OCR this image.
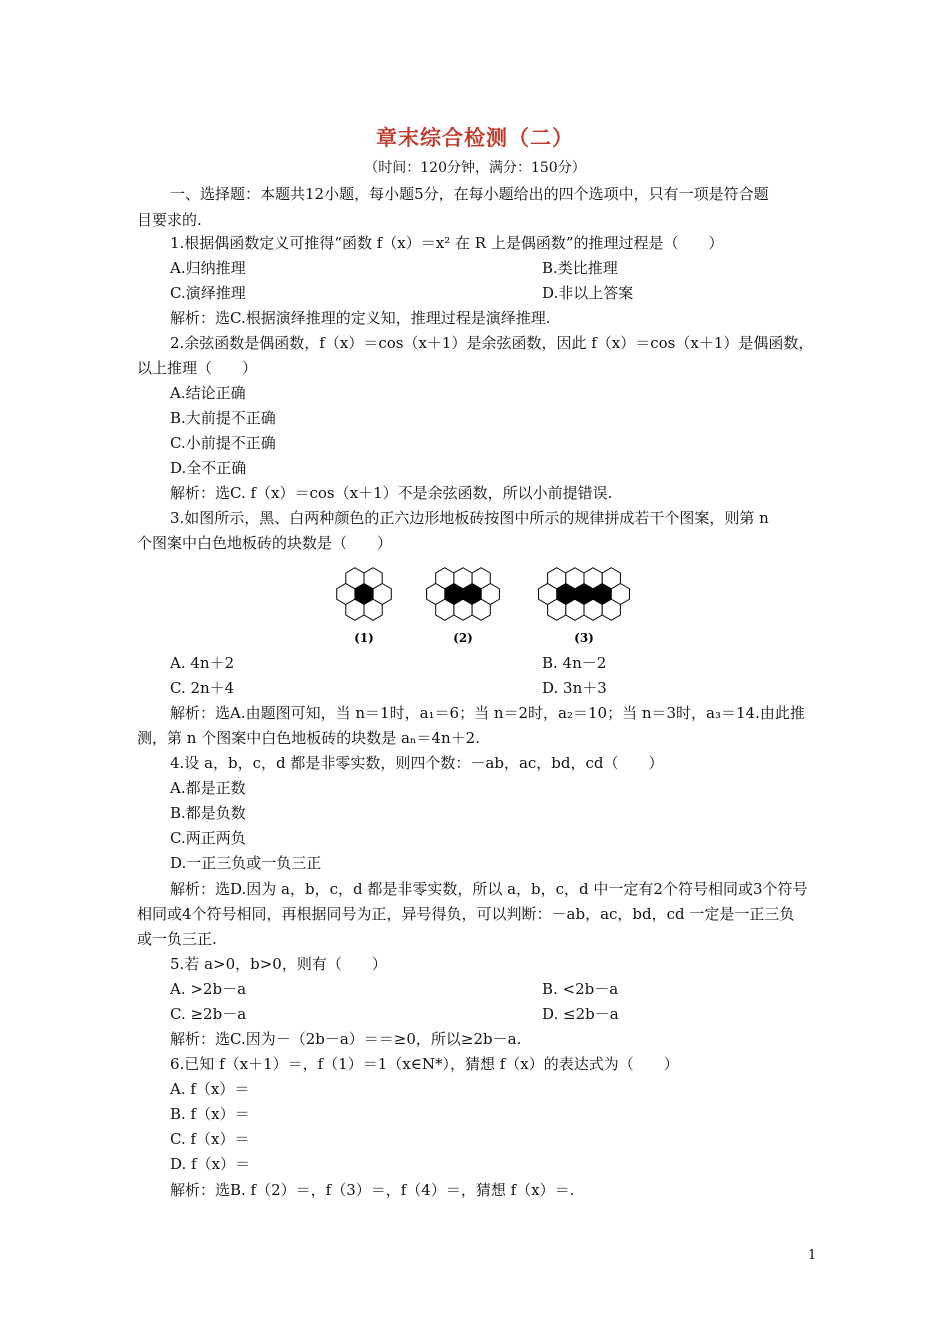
章末综合检测（二）
（时间：120分钟，满分：150分）
一、选择题：本题共12小题，每小题5分，在每小题给出的四个选项中，只有一项是符合题
目要求的.
1.根据偶函数定义可推得“函数 f（x）＝x² 在 R 上是偶函数”的推理过程是（　　）
A.归纳推理	B.类比推理
C.演绎推理	D.非以上答案
解析：选C.根据演绎推理的定义知，推理过程是演绎推理.
2.余弦函数是偶函数，f（x）＝cos（x＋1）是余弦函数，因此 f（x）＝cos（x＋1）是偶函数，
以上推理（　　）
A.结论正确
B.大前提不正确
C.小前提不正确
D.全不正确
解析：选C. f（x）＝cos（x＋1）不是余弦函数，所以小前提错误.
3.如图所示，黑、白两种颜色的正六边形地板砖按图中所示的规律拼成若干个图案，则第 n
个图案中白色地板砖的块数是（　　）
(1)	(2)	(3)
A. 4n＋2	B. 4n－2
C. 2n＋4	D. 3n＋3
解析：选A.由题图可知，当 n＝1时，a₁＝6；当 n＝2时，a₂＝10；当 n＝3时，a₃＝14.由此推
测，第 n 个图案中白色地板砖的块数是 aₙ＝4n＋2.
4.设 a，b，c，d 都是非零实数，则四个数：－ab，ac，bd，cd（　　）
A.都是正数
B.都是负数
C.两正两负
D.一正三负或一负三正
解析：选D.因为 a，b，c，d 都是非零实数，所以 a，b，c，d 中一定有2个符号相同或3个符号
相同或4个符号相同，再根据同号为正，异号得负，可以判断：－ab，ac，bd，cd 一定是一正三负
或一负三正.
5.若 a>0，b>0，则有（　　）
A. >2b－a	B. <2b－a
C. ≥2b－a	D. ≤2b－a
解析：选C.因为－（2b－a）＝＝≥0，所以≥2b－a.
6.已知 f（x＋1）＝，f（1）＝1（x∈N*），猜想 f（x）的表达式为（　　）
A. f（x）＝
B. f（x）＝
C. f（x）＝
D. f（x）＝
解析：选B. f（2）＝，f（3）＝，f（4）＝，猜想 f（x）＝.
1
